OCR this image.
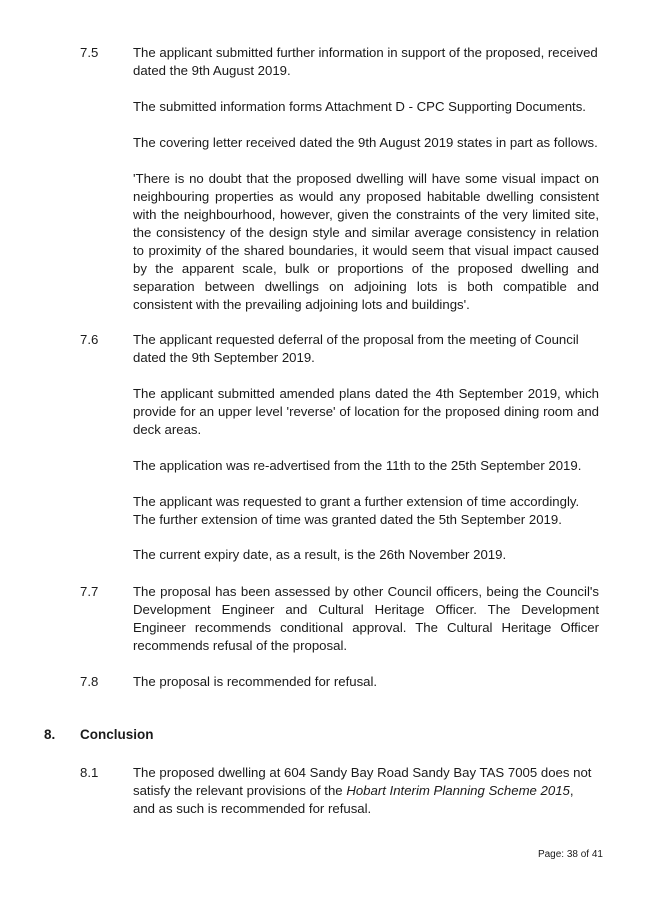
7.5	The applicant submitted further information in support of the proposed, received dated the 9th August 2019.

The submitted information forms Attachment D - CPC Supporting Documents.

The covering letter received dated the 9th August 2019 states in part as follows.

'There is no doubt that the proposed dwelling will have some visual impact on neighbouring properties as would any proposed habitable dwelling consistent with the neighbourhood, however, given the constraints of the very limited site, the consistency of the design style and similar average consistency in relation to proximity of the shared boundaries, it would seem that visual impact caused by the apparent scale, bulk or proportions of the proposed dwelling and separation between dwellings on adjoining lots is both compatible and consistent with the prevailing adjoining lots and buildings'.

7.6	The applicant requested deferral of the proposal from the meeting of Council dated the 9th September 2019.

The applicant submitted amended plans dated the 4th September 2019, which provide for an upper level 'reverse' of location for the proposed dining room and deck areas.

The application was re-advertised from the 11th to the 25th September 2019.

The applicant was requested to grant a further extension of time accordingly. The further extension of time was granted dated the 5th September 2019.

The current expiry date, as a result, is the 26th November 2019.

7.7	The proposal has been assessed by other Council officers, being the Council's Development Engineer and Cultural Heritage Officer. The Development Engineer recommends conditional approval. The Cultural Heritage Officer recommends refusal of the proposal.

7.8	The proposal is recommended for refusal.

8. Conclusion
8.1	The proposed dwelling at 604 Sandy Bay Road Sandy Bay TAS 7005 does not satisfy the relevant provisions of the Hobart Interim Planning Scheme 2015, and as such is recommended for refusal.

Page: 38 of 41
